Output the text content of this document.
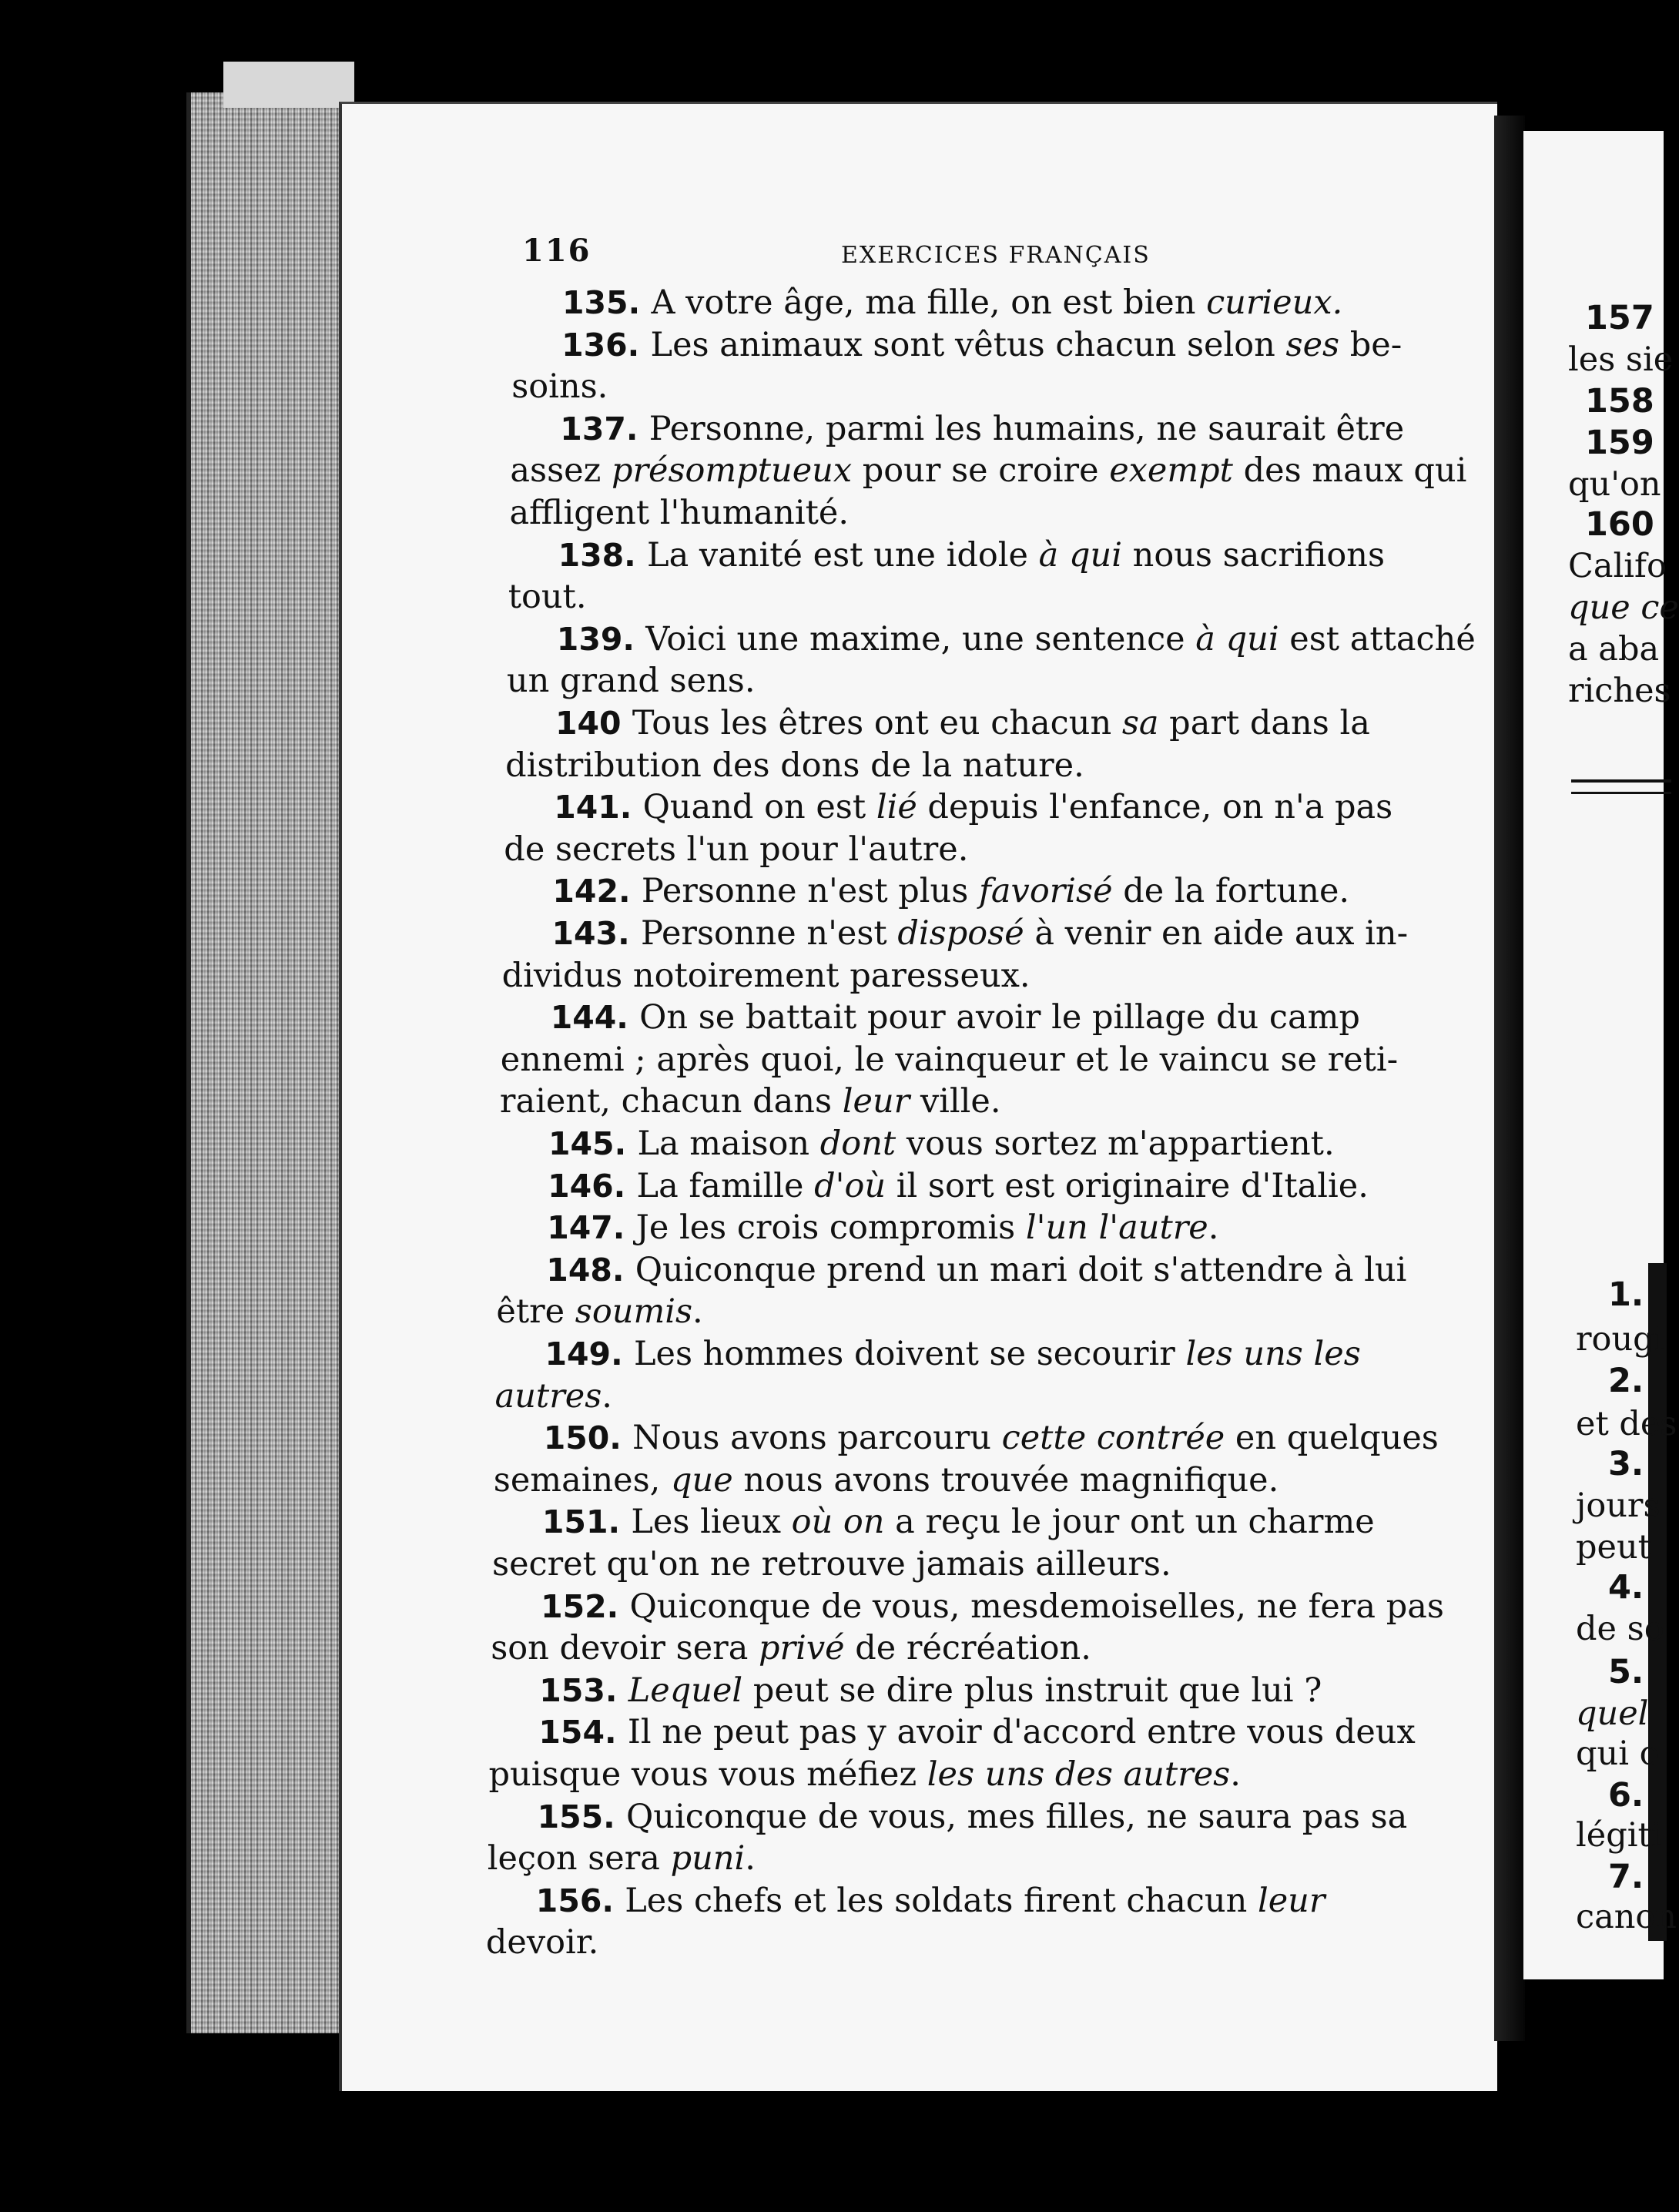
116	EXERCICES FRANÇAIS
135. A votre âge, ma fille, on est bien curieux.
136. Les animaux sont vêtus chacun selon ses be-
soins.
137. Personne, parmi les humains, ne saurait être
assez présomptueux pour se croire exempt des maux qui
affligent l'humanité.
138. La vanité est une idole à qui nous sacrifions
tout.
139. Voici une maxime, une sentence à qui est attaché
un grand sens.
140 Tous les êtres ont eu chacun sa part dans la
distribution des dons de la nature.
141. Quand on est lié depuis l'enfance, on n'a pas
de secrets l'un pour l'autre.
142. Personne n'est plus favorisé de la fortune.
143. Personne n'est disposé à venir en aide aux in-
dividus notoirement paresseux.
144. On se battait pour avoir le pillage du camp
ennemi ; après quoi, le vainqueur et le vaincu se reti-
raient, chacun dans leur ville.
145. La maison dont vous sortez m'appartient.
146. La famille d'où il sort est originaire d'Italie.
147. Je les crois compromis l'un l'autre.
148. Quiconque prend un mari doit s'attendre à lui
être soumis.
149. Les hommes doivent se secourir les uns les
autres.
150. Nous avons parcouru cette contrée en quelques
semaines, que nous avons trouvée magnifique.
151. Les lieux où on a reçu le jour ont un charme
secret qu'on ne retrouve jamais ailleurs.
152. Quiconque de vous, mesdemoiselles, ne fera pas
son devoir sera privé de récréation.
153. Lequel peut se dire plus instruit que lui ?
154. Il ne peut pas y avoir d'accord entre vous deux
puisque vous vous méfiez les uns des autres.
155. Quiconque de vous, mes filles, ne saura pas sa
leçon sera puni.
156. Les chefs et les soldats firent chacun leur
devoir.
157
les sie
158
159
qu'on
160
Califo
que ce
a aba
riches
1.
rougi
2.
et des
3.
jours
peut
4.
de so
5.
quel
qui o
6.
légiti
7.
canon
